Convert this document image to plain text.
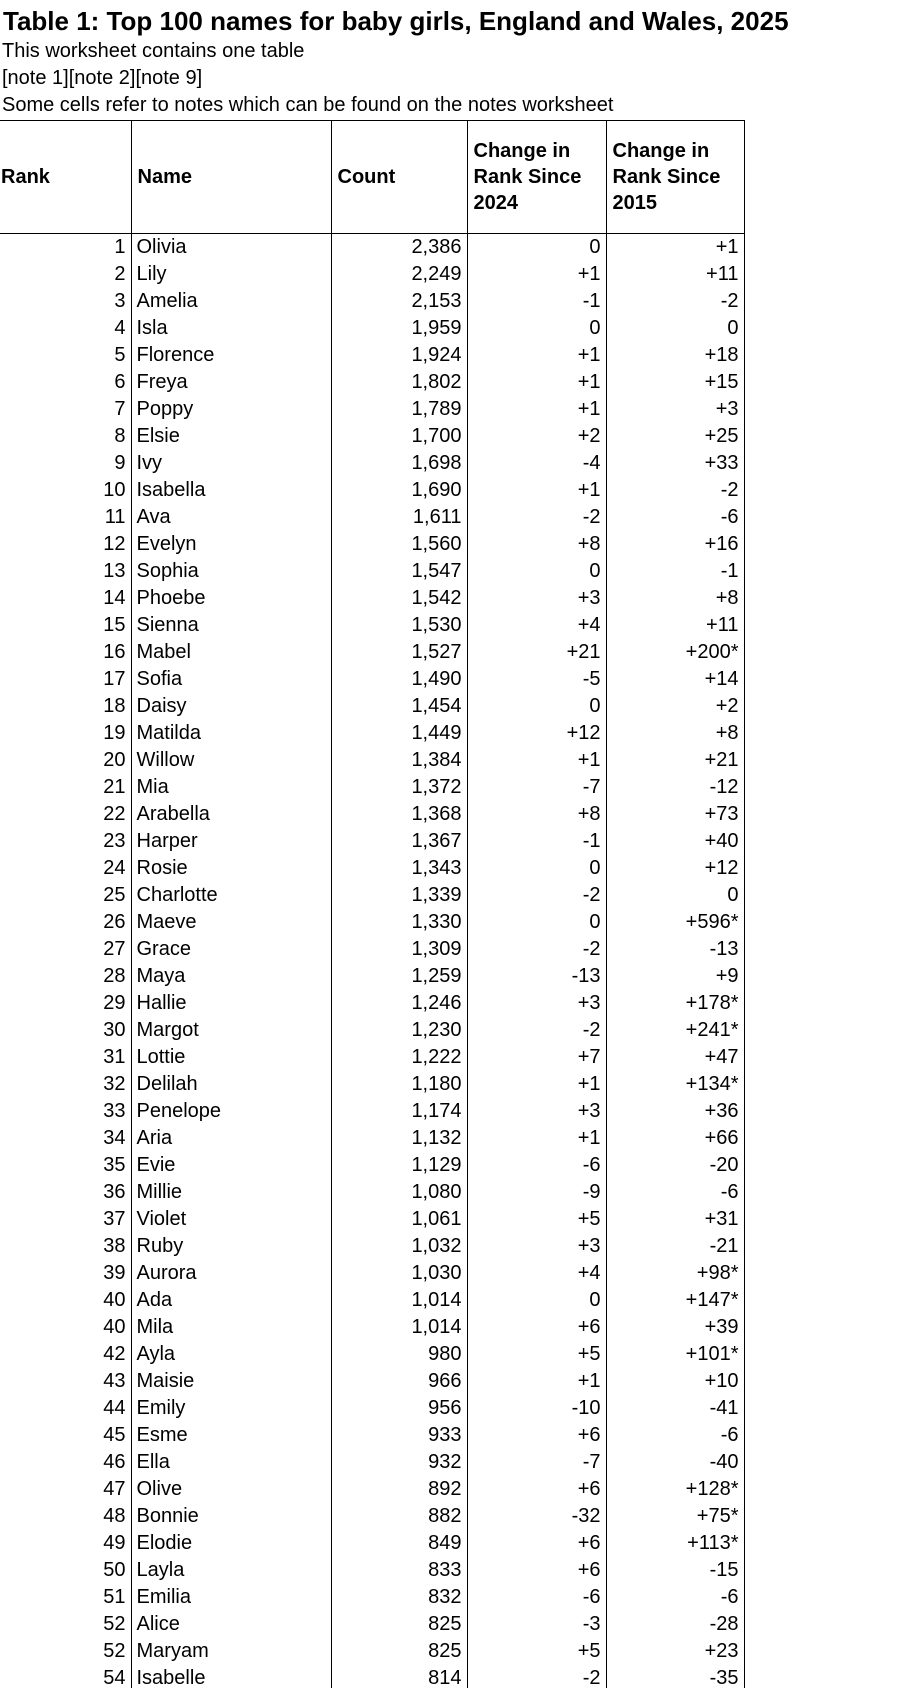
Table 1: Top 100 names for baby girls, England and Wales, 2025
This worksheet contains one table
[note 1][note 2][note 9]
Some cells refer to notes which can be found on the notes worksheet
Rank	Name	Count	Change in Rank Since 2024	Change in Rank Since 2015
1	Olivia	2,386	0	+1
2	Lily	2,249	+1	+11
3	Amelia	2,153	-1	-2
4	Isla	1,959	0	0
5	Florence	1,924	+1	+18
6	Freya	1,802	+1	+15
7	Poppy	1,789	+1	+3
8	Elsie	1,700	+2	+25
9	Ivy	1,698	-4	+33
10	Isabella	1,690	+1	-2
11	Ava	1,611	-2	-6
12	Evelyn	1,560	+8	+16
13	Sophia	1,547	0	-1
14	Phoebe	1,542	+3	+8
15	Sienna	1,530	+4	+11
16	Mabel	1,527	+21	+200*
17	Sofia	1,490	-5	+14
18	Daisy	1,454	0	+2
19	Matilda	1,449	+12	+8
20	Willow	1,384	+1	+21
21	Mia	1,372	-7	-12
22	Arabella	1,368	+8	+73
23	Harper	1,367	-1	+40
24	Rosie	1,343	0	+12
25	Charlotte	1,339	-2	0
26	Maeve	1,330	0	+596*
27	Grace	1,309	-2	-13
28	Maya	1,259	-13	+9
29	Hallie	1,246	+3	+178*
30	Margot	1,230	-2	+241*
31	Lottie	1,222	+7	+47
32	Delilah	1,180	+1	+134*
33	Penelope	1,174	+3	+36
34	Aria	1,132	+1	+66
35	Evie	1,129	-6	-20
36	Millie	1,080	-9	-6
37	Violet	1,061	+5	+31
38	Ruby	1,032	+3	-21
39	Aurora	1,030	+4	+98*
40	Ada	1,014	0	+147*
40	Mila	1,014	+6	+39
42	Ayla	980	+5	+101*
43	Maisie	966	+1	+10
44	Emily	956	-10	-41
45	Esme	933	+6	-6
46	Ella	932	-7	-40
47	Olive	892	+6	+128*
48	Bonnie	882	-32	+75*
49	Elodie	849	+6	+113*
50	Layla	833	+6	-15
51	Emilia	832	-6	-6
52	Alice	825	-3	-28
52	Maryam	825	+5	+23
54	Isabelle	814	-2	-35
